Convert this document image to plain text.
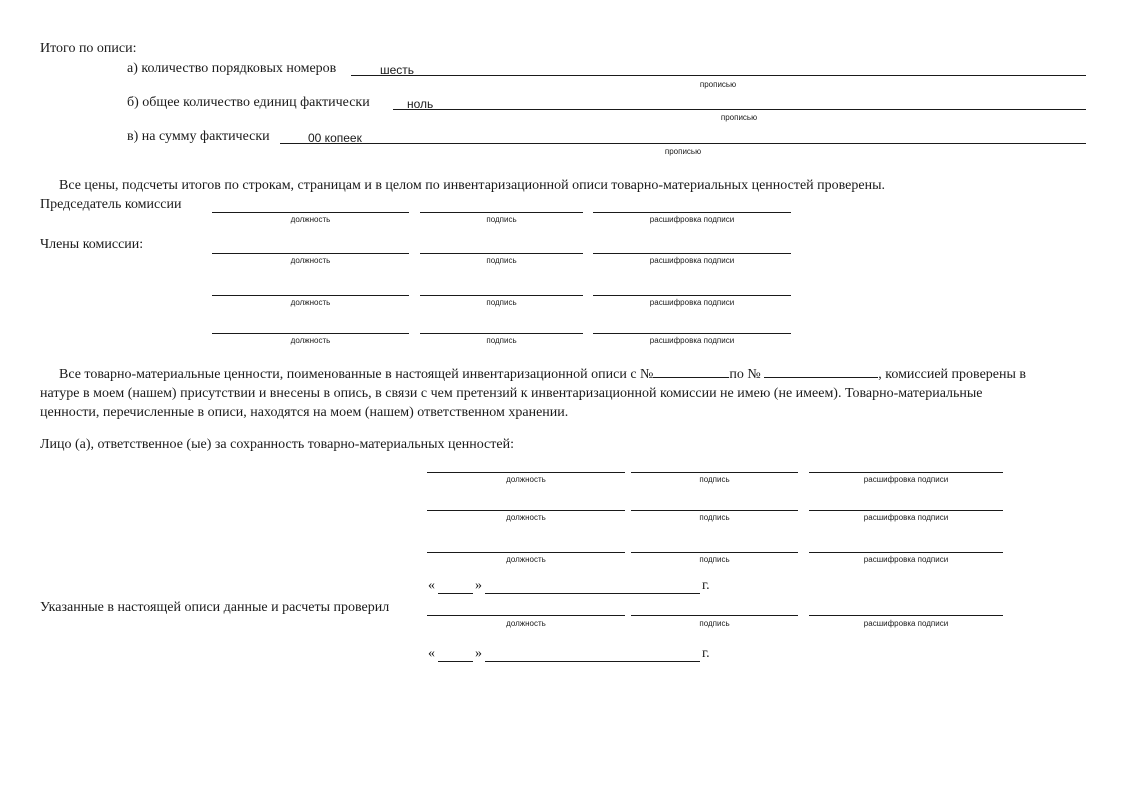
Итого по описи:
а) количество порядковых номеров	шесть
прописью
б) общее количество единиц фактически	ноль
прописью
в) на сумму фактически	00 копеек
прописью
Все цены, подсчеты итогов по строкам, страницам и в целом по инвентаризационной описи товарно-материальных ценностей проверены.
Председатель комиссии
должность	подпись	расшифровка подписи
Члены комиссии:
должность	подпись	расшифровка подписи
должность	подпись	расшифровка подписи
должность	подпись	расшифровка подписи
Все товарно-материальные ценности, поименованные в настоящей инвентаризационной описи с №	по №	, комиссией проверены в натуре в моем (нашем) присутствии и внесены в опись, в связи с чем претензий к инвентаризационной комиссии не имею (не имеем). Товарно-материальные ценности, перечисленные в описи, находятся на моем (нашем) ответственном хранении.
Лицо (а), ответственное (ые) за сохранность товарно-материальных ценностей:
должность	подпись	расшифровка подписи
должность	подпись	расшифровка подписи
должность	подпись	расшифровка подписи
«	»	г.
Указанные в настоящей описи данные и расчеты проверил
должность	подпись	расшифровка подписи
«	»	г.
